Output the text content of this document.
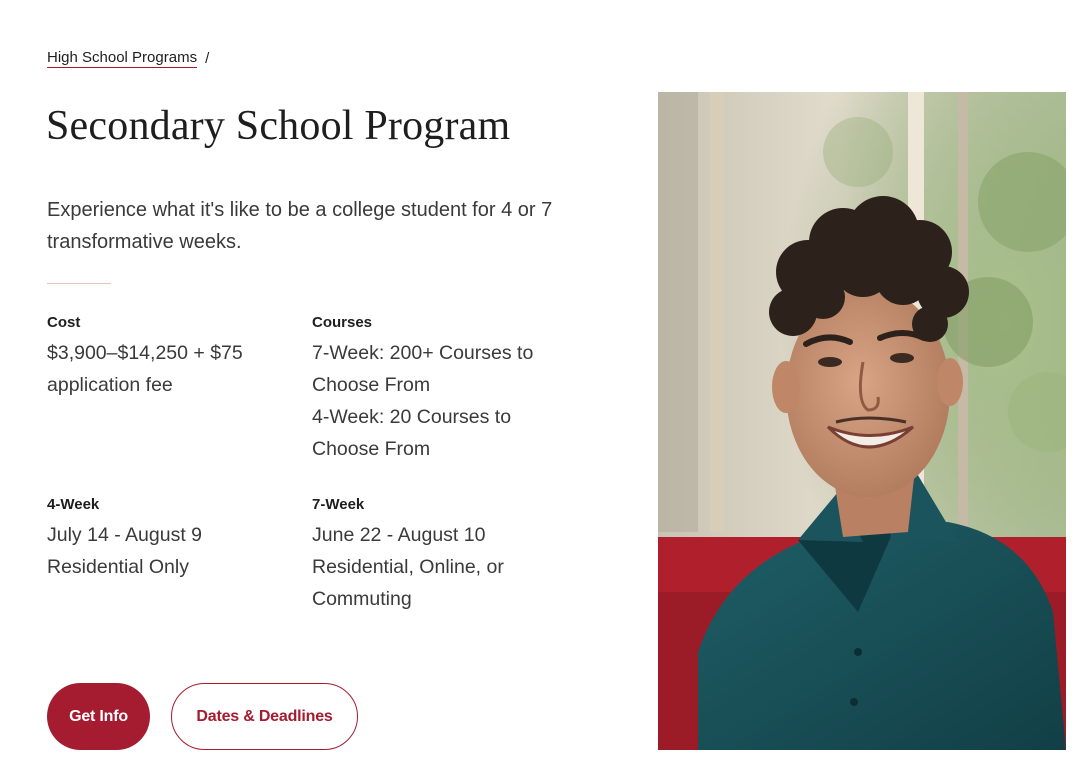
High School Programs /
Secondary School Program

Experience what it's like to be a college student for 4 or 7 transformative weeks.

Cost

$3,900–$14,250 + $75 application fee

Courses

7-Week: 200+ Courses to Choose From

4-Week: 20 Courses to Choose From

4-Week

July 14 - August 9

Residential Only

7-Week

June 22 - August 10

Residential, Online, or Commuting

Get Info	Dates & Deadlines
